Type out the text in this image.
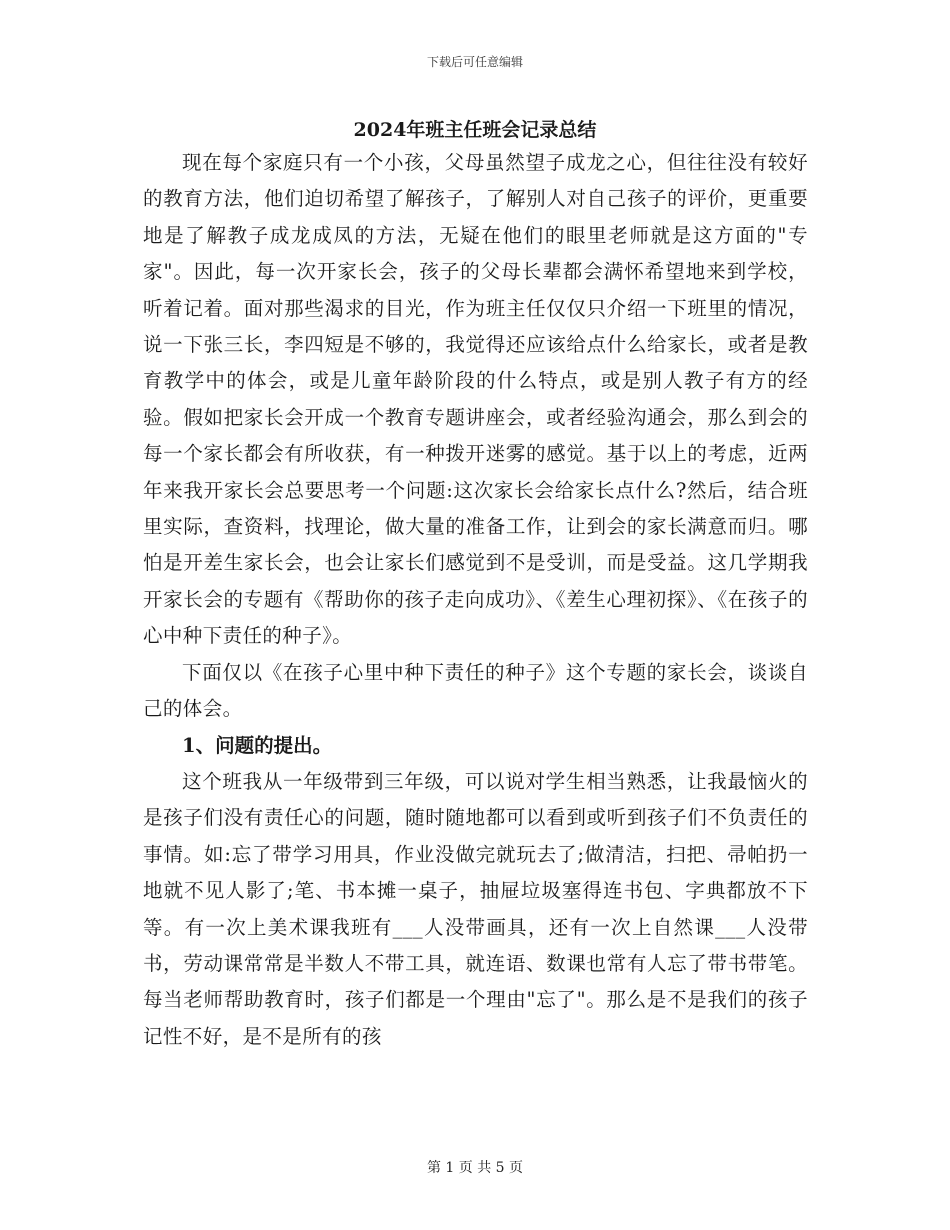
下载后可任意编辑
2024年班主任班会记录总结

现在每个家庭只有一个小孩，父母虽然望子成龙之心，但往往没有较好的教育方法，他们迫切希望了解孩子，了解别人对自己孩子的评价，更重要地是了解教子成龙成凤的方法，无疑在他们的眼里老师就是这方面的"专家"。因此，每一次开家长会，孩子的父母长辈都会满怀希望地来到学校，听着记着。面对那些渴求的目光，作为班主任仅仅只介绍一下班里的情况，说一下张三长，李四短是不够的，我觉得还应该给点什么给家长，或者是教育教学中的体会，或是儿童年龄阶段的什么特点，或是别人教子有方的经验。假如把家长会开成一个教育专题讲座会，或者经验沟通会，那么到会的每一个家长都会有所收获，有一种拨开迷雾的感觉。基于以上的考虑，近两年来我开家长会总要思考一个问题:这次家长会给家长点什么?然后，结合班里实际，查资料，找理论，做大量的准备工作，让到会的家长满意而归。哪怕是开差生家长会，也会让家长们感觉到不是受训，而是受益。这几学期我开家长会的专题有《帮助你的孩子走向成功》、《差生心理初探》、《在孩子的心中种下责任的种子》。

下面仅以《在孩子心里中种下责任的种子》这个专题的家长会，谈谈自己的体会。

1、问题的提出。

这个班我从一年级带到三年级，可以说对学生相当熟悉，让我最恼火的是孩子们没有责任心的问题，随时随地都可以看到或听到孩子们不负责任的事情。如:忘了带学习用具，作业没做完就玩去了;做清洁，扫把、帚帕扔一地就不见人影了;笔、书本摊一桌子，抽屉垃圾塞得连书包、字典都放不下等。有一次上美术课我班有___人没带画具，还有一次上自然课___人没带书，劳动课常常是半数人不带工具，就连语、数课也常有人忘了带书带笔。每当老师帮助教育时，孩子们都是一个理由"忘了"。那么是不是我们的孩子记性不好，是不是所有的孩

第 1 页 共 5 页
